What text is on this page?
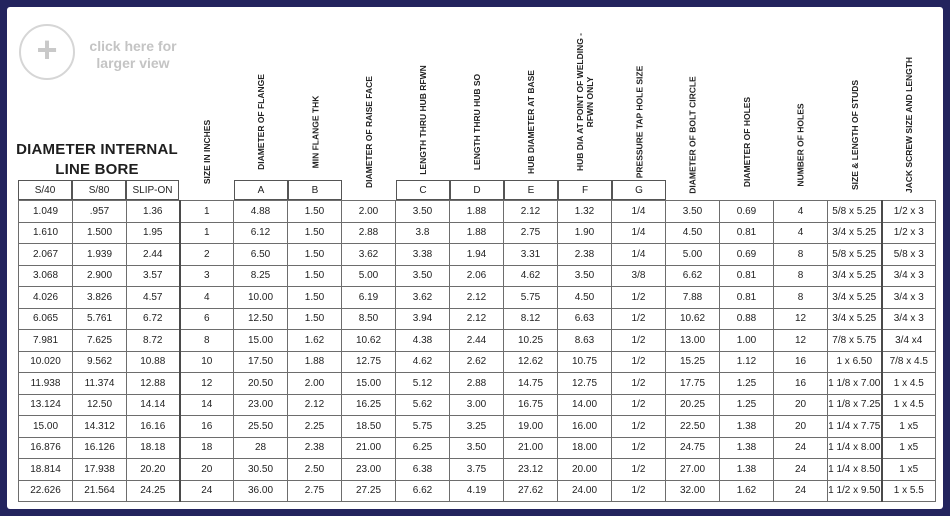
+	click here for
larger view
DIAMETER INTERNAL
LINE BORE
S/40	S/80	SLIP-ON
SIZE IN INCHES	DIAMETER OF FLANGE	MIN FLANGE THK	DIAMETER OF RAISE FACE	LENGTH THRU HUB RFWN	LENGTH THRU HUB SO	HUB DIAMETER AT BASE	HUB DIA AT POINT OF WELDING - RFWN ONLY	PRESSURE TAP HOLE SIZE	DIAMETER OF BOLT CIRCLE	DIAMETER OF HOLES	NUMBER OF HOLES	SIZE & LENGTH OF STUDS	JACK SCREW SIZE AND LENGTH
A	B	C	D	E	F	G
1.049	.957	1.36	1	4.88	1.50	2.00	3.50	1.88	2.12	1.32	1/4	3.50	0.69	4	5/8 x 5.25	1/2 x 3
1.610	1.500	1.95	1	6.12	1.50	2.88	3.8	1.88	2.75	1.90	1/4	4.50	0.81	4	3/4 x 5.25	1/2 x 3
2.067	1.939	2.44	2	6.50	1.50	3.62	3.38	1.94	3.31	2.38	1/4	5.00	0.69	8	5/8 x 5.25	5/8 x 3
3.068	2.900	3.57	3	8.25	1.50	5.00	3.50	2.06	4.62	3.50	3/8	6.62	0.81	8	3/4 x 5.25	3/4 x 3
4.026	3.826	4.57	4	10.00	1.50	6.19	3.62	2.12	5.75	4.50	1/2	7.88	0.81	8	3/4 x 5.25	3/4 x 3
6.065	5.761	6.72	6	12.50	1.50	8.50	3.94	2.12	8.12	6.63	1/2	10.62	0.88	12	3/4 x 5.25	3/4 x 3
7.981	7.625	8.72	8	15.00	1.62	10.62	4.38	2.44	10.25	8.63	1/2	13.00	1.00	12	7/8 x 5.75	3/4 x4
10.020	9.562	10.88	10	17.50	1.88	12.75	4.62	2.62	12.62	10.75	1/2	15.25	1.12	16	1 x 6.50	7/8 x 4.5
11.938	11.374	12.88	12	20.50	2.00	15.00	5.12	2.88	14.75	12.75	1/2	17.75	1.25	16	1 1/8 x 7.00	1 x 4.5
13.124	12.50	14.14	14	23.00	2.12	16.25	5.62	3.00	16.75	14.00	1/2	20.25	1.25	20	1 1/8 x 7.25	1 x 4.5
15.00	14.312	16.16	16	25.50	2.25	18.50	5.75	3.25	19.00	16.00	1/2	22.50	1.38	20	1 1/4 x 7.75	1 x5
16.876	16.126	18.18	18	28	2.38	21.00	6.25	3.50	21.00	18.00	1/2	24.75	1.38	24	1 1/4 x 8.00	1 x5
18.814	17.938	20.20	20	30.50	2.50	23.00	6.38	3.75	23.12	20.00	1/2	27.00	1.38	24	1 1/4 x 8.50	1 x5
22.626	21.564	24.25	24	36.00	2.75	27.25	6.62	4.19	27.62	24.00	1/2	32.00	1.62	24	1 1/2 x 9.50	1 x 5.5
